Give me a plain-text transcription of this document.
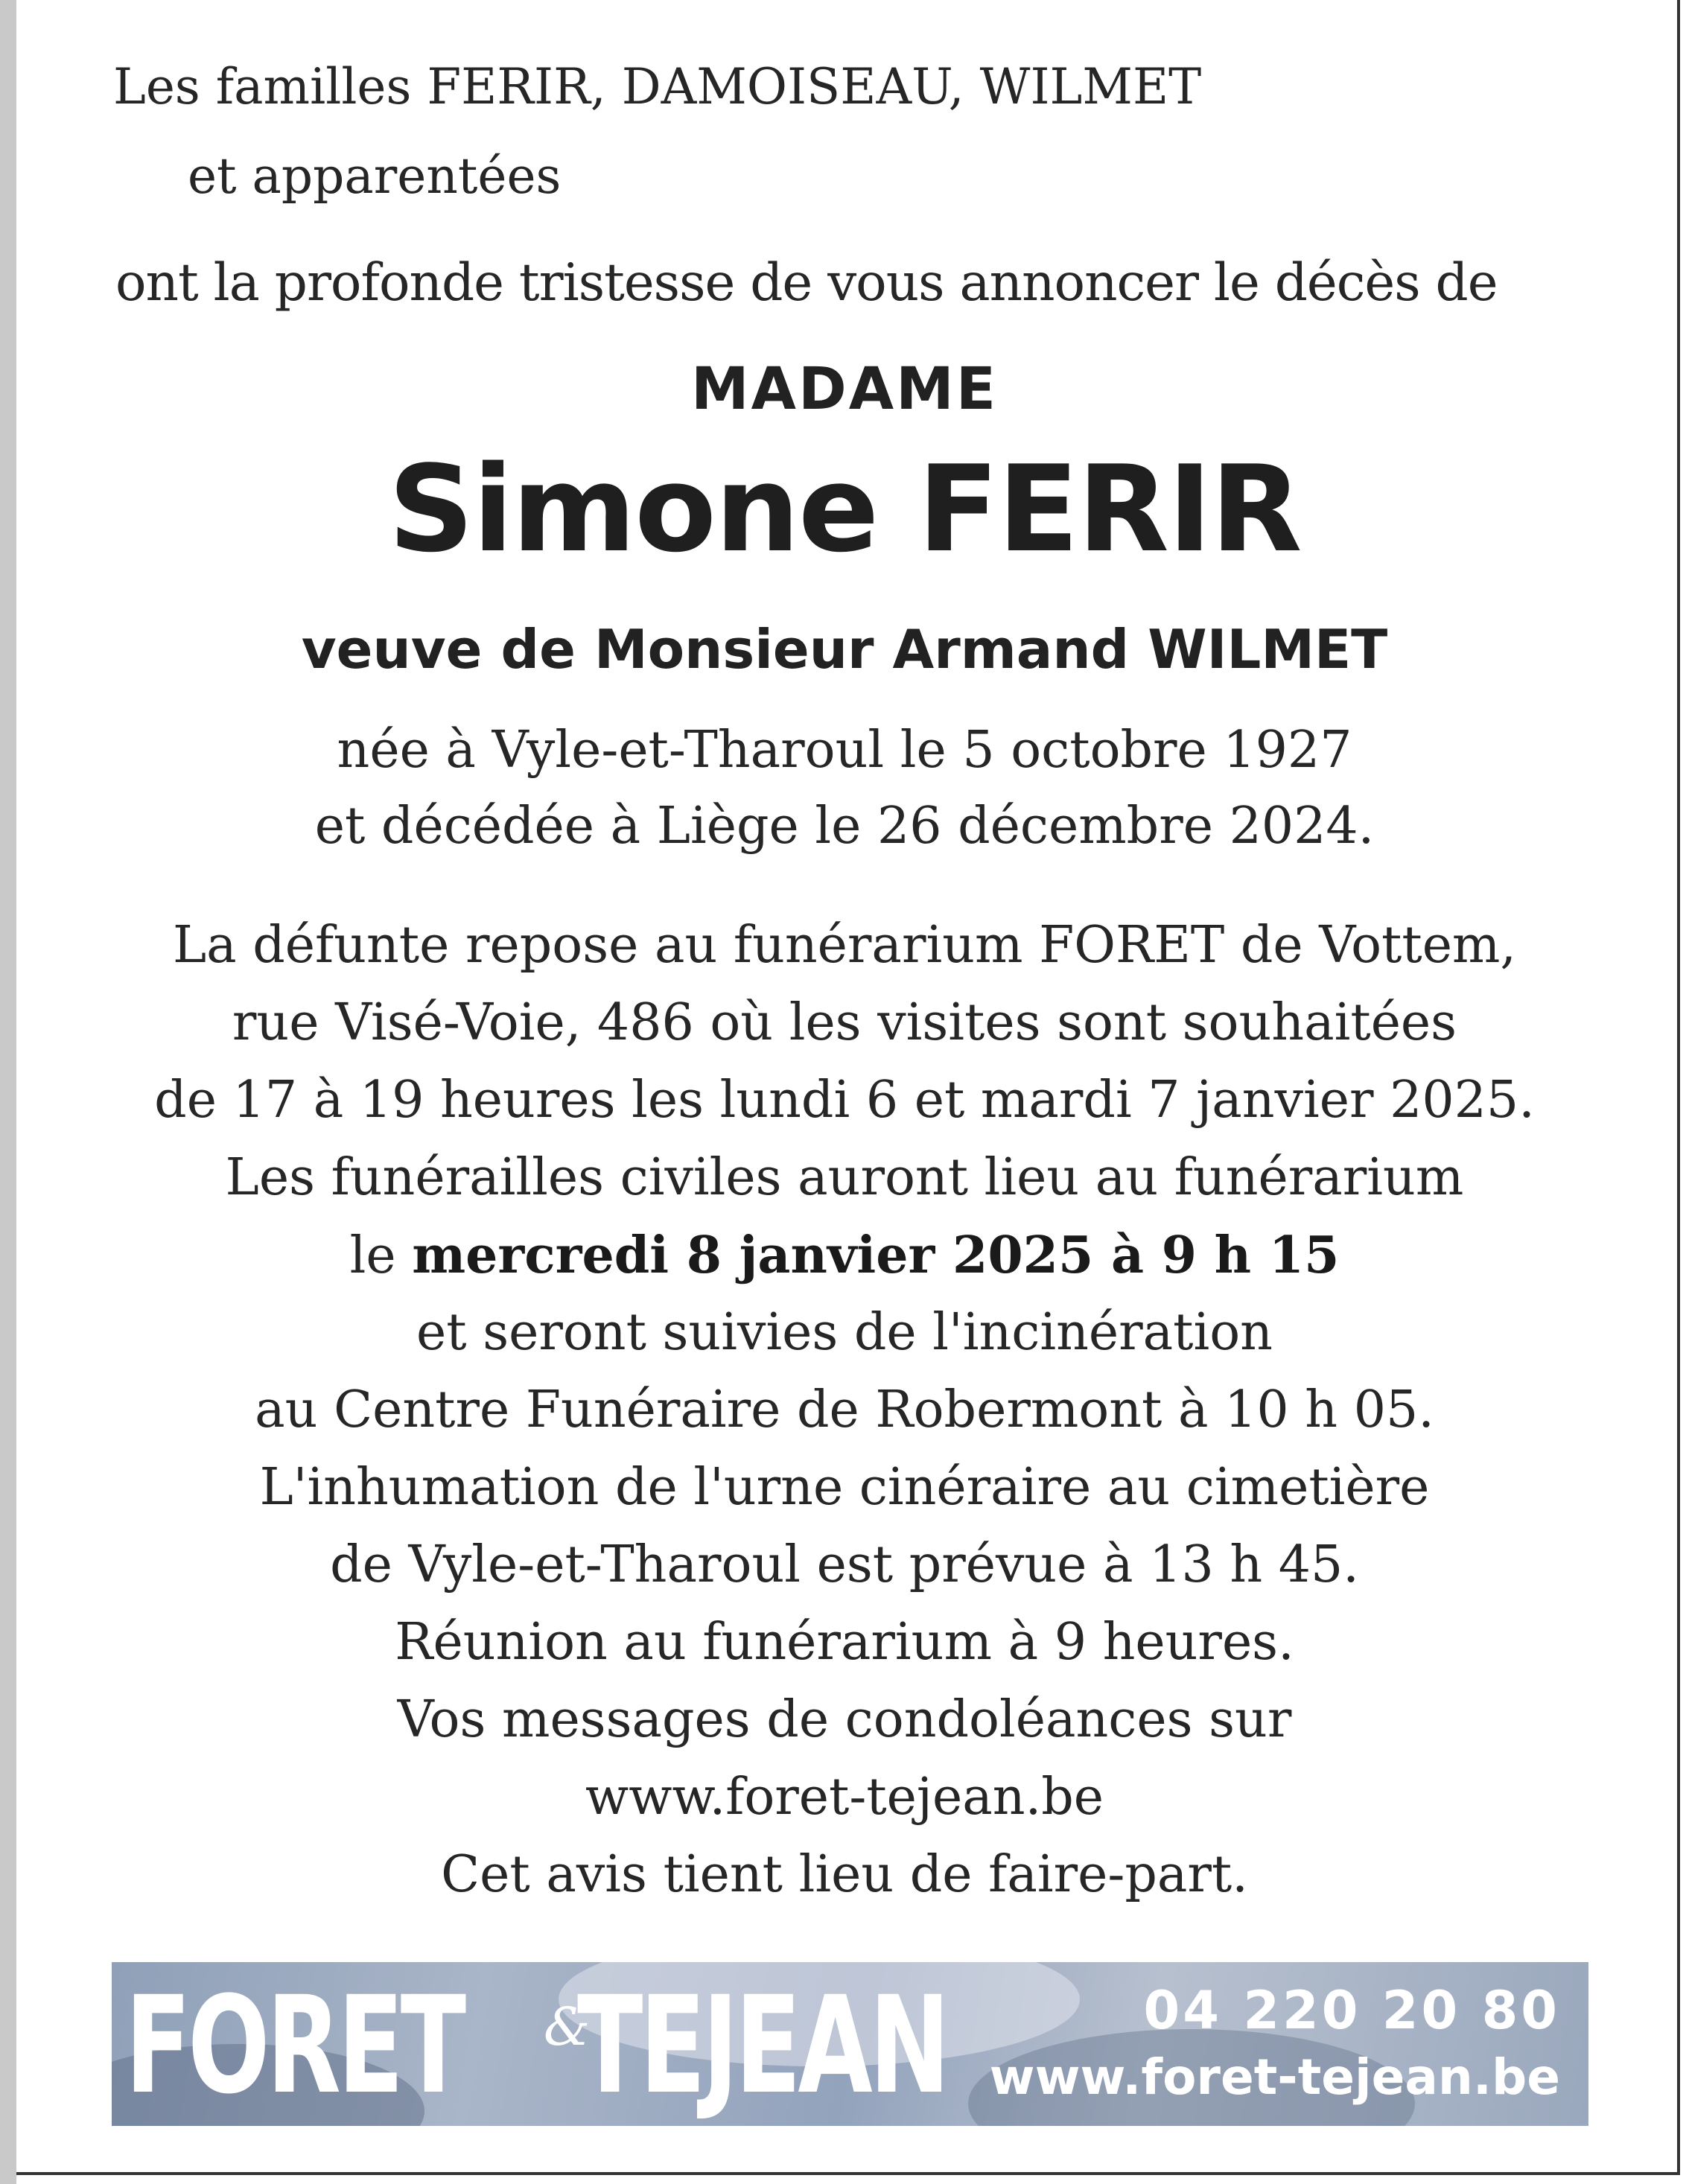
Les familles FERIR, DAMOISEAU, WILMET
et apparentées
ont la profonde tristesse de vous annoncer le décès de
MADAME
Simone FERIR
veuve de Monsieur Armand WILMET
née à Vyle-et-Tharoul le 5 octobre 1927
et décédée à Liège le 26 décembre 2024.
La défunte repose au funérarium FORET de Vottem,
rue Visé-Voie, 486 où les visites sont souhaitées
de 17 à 19 heures les lundi 6 et mardi 7 janvier 2025.
Les funérailles civiles auront lieu au funérarium
le mercredi 8 janvier 2025 à 9 h 15
et seront suivies de l'incinération
au Centre Funéraire de Robermont à 10 h 05.
L'inhumation de l'urne cinéraire au cimetière
de Vyle-et-Tharoul est prévue à 13 h 45.
Réunion au funérarium à 9 heures.
Vos messages de condoléances sur
www.foret-tejean.be
Cet avis tient lieu de faire-part.
FORET &
TEJEAN	04 220 20 80
www.foret-tejean.be
